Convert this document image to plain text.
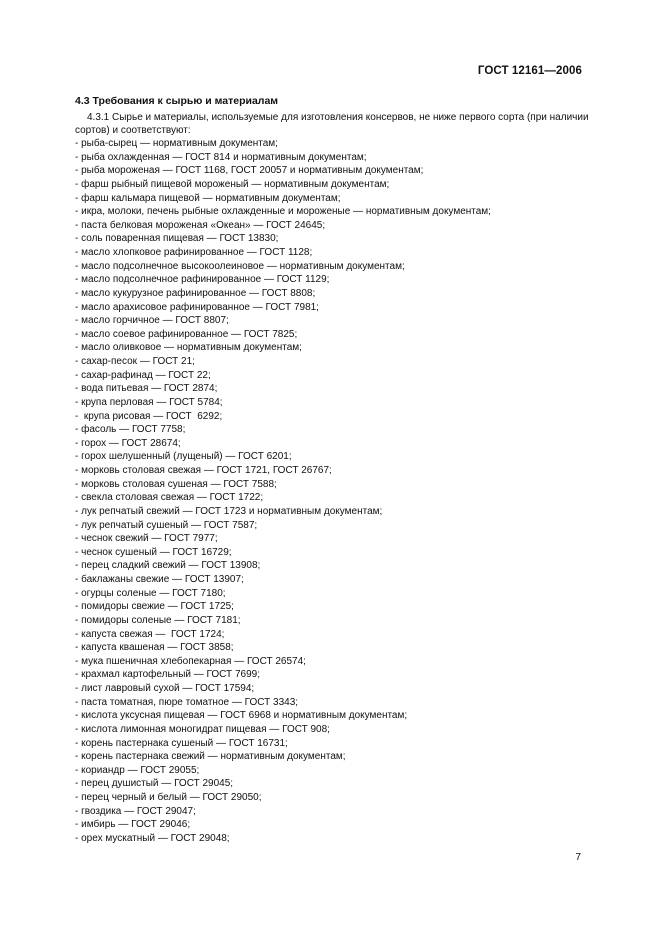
ГОСТ 12161—2006
4.3 Требования к сырью и материалам
4.3.1 Сырье и материалы, используемые для изготовления консервов, не ниже первого сорта (при наличии сортов) и соответствуют:
- рыба-сырец — нормативным документам;
- рыба охлажденная — ГОСТ 814 и нормативным документам;
- рыба мороженая — ГОСТ 1168, ГОСТ 20057 и нормативным документам;
- фарш рыбный пищевой мороженый — нормативным документам;
- фарш кальмара пищевой — нормативным документам;
- икра, молоки, печень рыбные охлажденные и мороженые — нормативным документам;
- паста белковая мороженая «Океан» — ГОСТ 24645;
- соль поваренная пищевая — ГОСТ 13830;
- масло хлопковое рафинированное — ГОСТ 1128;
- масло подсолнечное высокоолеиновое — нормативным документам;
- масло подсолнечное рафинированное — ГОСТ 1129;
- масло кукурузное рафинированное — ГОСТ 8808;
- масло арахисовое рафинированное — ГОСТ 7981;
- масло горчичное — ГОСТ 8807;
- масло соевое рафинированное — ГОСТ 7825;
- масло оливковое — нормативным документам;
- сахар-песок — ГОСТ 21;
- сахар-рафинад — ГОСТ 22;
- вода питьевая — ГОСТ 2874;
- крупа перловая — ГОСТ 5784;
-  крупа рисовая — ГОСТ  6292;
- фасоль — ГОСТ 7758;
- горох — ГОСТ 28674;
- горох шелушенный (лущеный) — ГОСТ 6201;
- морковь столовая свежая — ГОСТ 1721, ГОСТ 26767;
- морковь столовая сушеная — ГОСТ 7588;
- свекла столовая свежая — ГОСТ 1722;
- лук репчатый свежий — ГОСТ 1723 и нормативным документам;
- лук репчатый сушеный — ГОСТ 7587;
- чеснок свежий — ГОСТ 7977;
- чеснок сушеный — ГОСТ 16729;
- перец сладкий свежий — ГОСТ 13908;
- баклажаны свежие — ГОСТ 13907;
- огурцы соленые — ГОСТ 7180;
- помидоры свежие — ГОСТ 1725;
- помидоры соленые — ГОСТ 7181;
- капуста свежая —  ГОСТ 1724;
- капуста квашеная — ГОСТ 3858;
- мука пшеничная хлебопекарная — ГОСТ 26574;
- крахмал картофельный — ГОСТ 7699;
- лист лавровый сухой — ГОСТ 17594;
- паста томатная, пюре томатное — ГОСТ 3343;
- кислота уксусная пищевая — ГОСТ 6968 и нормативным документам;
- кислота лимонная моногидрат пищевая — ГОСТ 908;
- корень пастернака сушеный — ГОСТ 16731;
- корень пастернака свежий — нормативным документам;
- кориандр — ГОСТ 29055;
- перец душистый — ГОСТ 29045;
- перец черный и белый — ГОСТ 29050;
- гвоздика — ГОСТ 29047;
- имбирь — ГОСТ 29046;
- орех мускатный — ГОСТ 29048;
7
